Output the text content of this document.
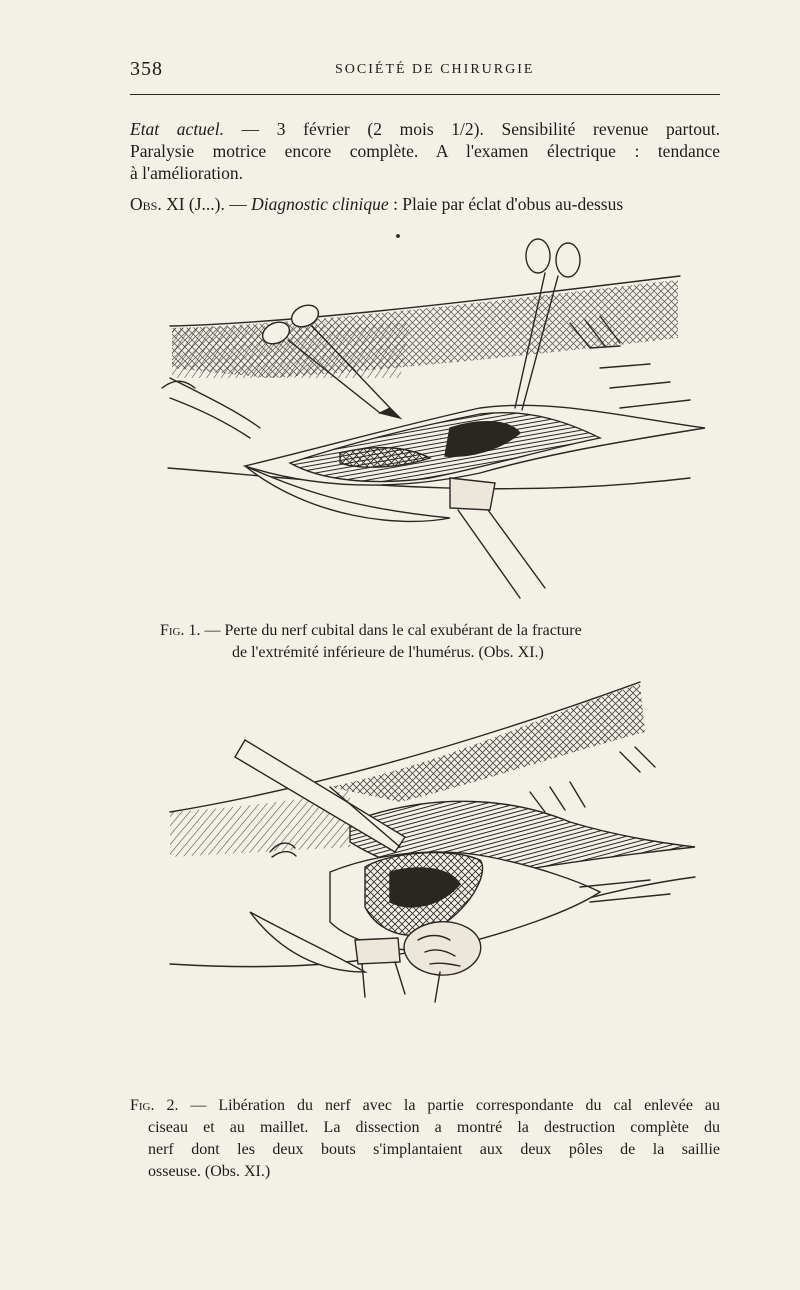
358	SOCIÉTÉ DE CHIRURGIE
Etat actuel. — 3 février (2 mois 1/2). Sensibilité revenue partout.
Paralysie motrice encore complète. A l'examen électrique : tendance
à l'amélioration.
Obs. XI (J...). — Diagnostic clinique : Plaie par éclat d'obus au-dessus
Fig. 1. — Perte du nerf cubital dans le cal exubérant de la fracture
de l'extrémité inférieure de l'humérus. (Obs. XI.)
Fig. 2. — Libération du nerf avec la partie correspondante du cal enlevée au
ciseau et au maillet. La dissection a montré la destruction complète du
nerf dont les deux bouts s'implantaient aux deux pôles de la saillie
osseuse. (Obs. XI.)
